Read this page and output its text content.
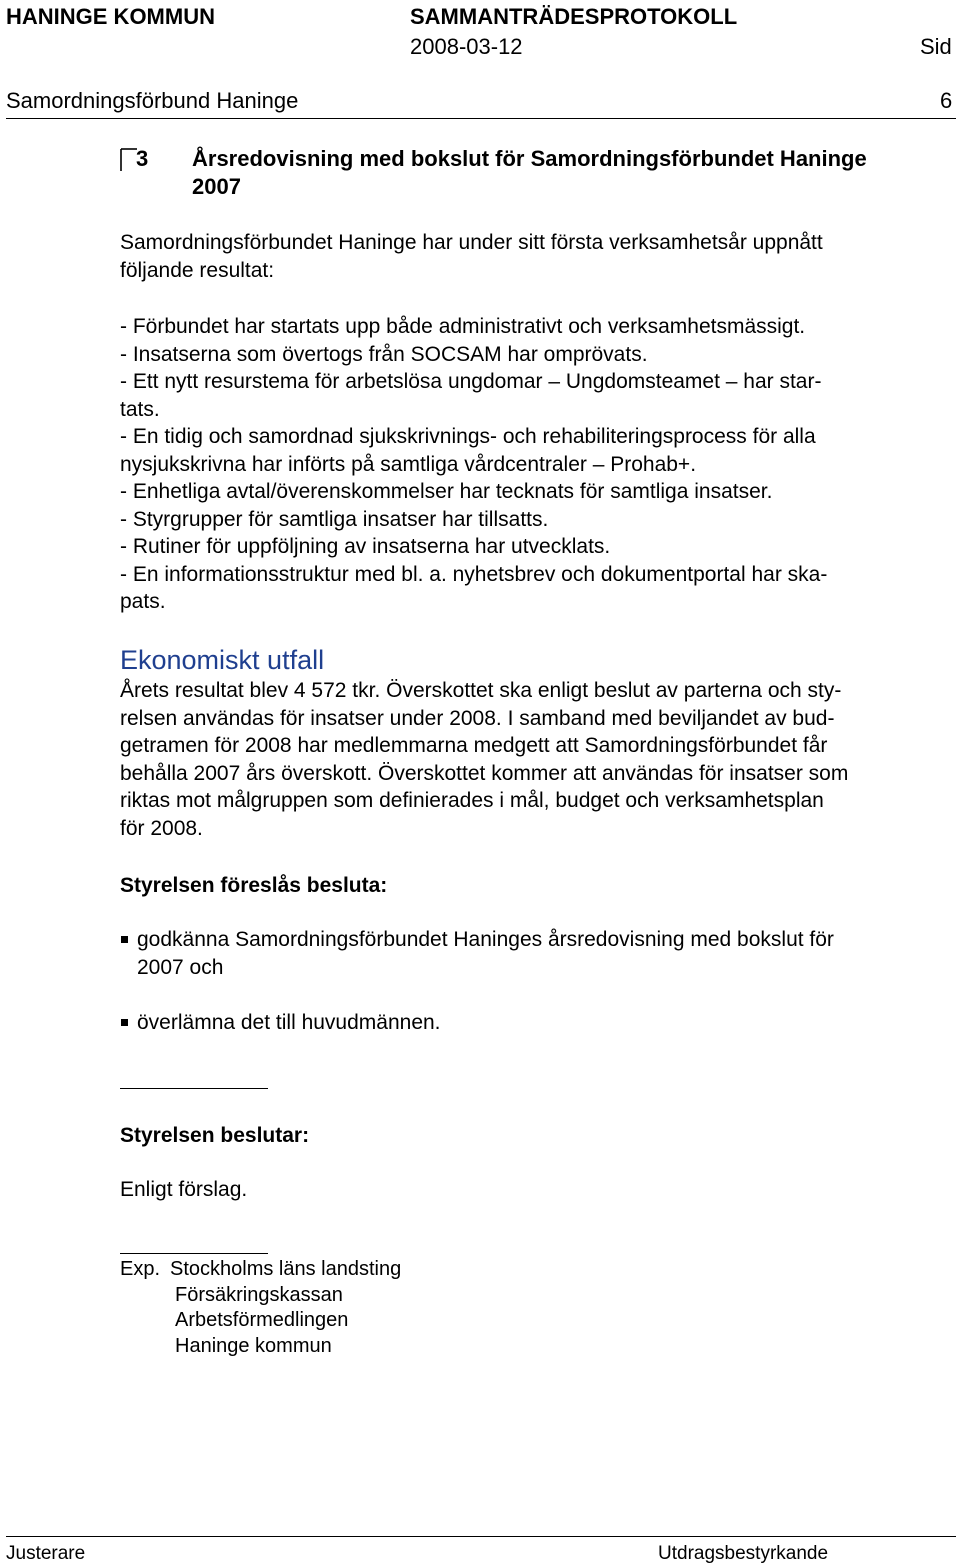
HANINGE KOMMUN	SAMMANTRÄDESPROTOKOLL
2008-03-12	Sid
Samordningsförbund Haninge	6
3 Årsredovisning med bokslut för Samordningsförbundet Haninge
2007
Samordningsförbundet Haninge har under sitt första verksamhetsår uppnått
följande resultat:
- Förbundet har startats upp både administrativt och verksamhetsmässigt.
- Insatserna som övertogs från SOCSAM har omprövats.
- Ett nytt resurstema för arbetslösa ungdomar – Ungdomsteamet – har star-
tats.
- En tidig och samordnad sjukskrivnings- och rehabiliteringsprocess för alla
nysjukskrivna har införts på samtliga vårdcentraler – Prohab+.
- Enhetliga avtal/överenskommelser har tecknats för samtliga insatser.
- Styrgrupper för samtliga insatser har tillsatts.
- Rutiner för uppföljning av insatserna har utvecklats.
- En informationsstruktur med bl. a. nyhetsbrev och dokumentportal har ska-
pats.
Ekonomiskt utfall
Årets resultat blev 4 572 tkr. Överskottet ska enligt beslut av parterna och sty-
relsen användas för insatser under 2008. I samband med beviljandet av bud-
getramen för 2008 har medlemmarna medgett att Samordningsförbundet får
behålla 2007 års överskott. Överskottet kommer att användas för insatser som
riktas mot målgruppen som definierades i mål, budget och verksamhetsplan
för 2008.
Styrelsen föreslås besluta:
godkänna Samordningsförbundet Haninges årsredovisning med bokslut för
2007 och
överlämna det till huvudmännen.
Styrelsen beslutar:
Enligt förslag.
Exp. Stockholms läns landsting
Försäkringskassan
Arbetsförmedlingen
Haninge kommun
Justerare	Utdragsbestyrkande
